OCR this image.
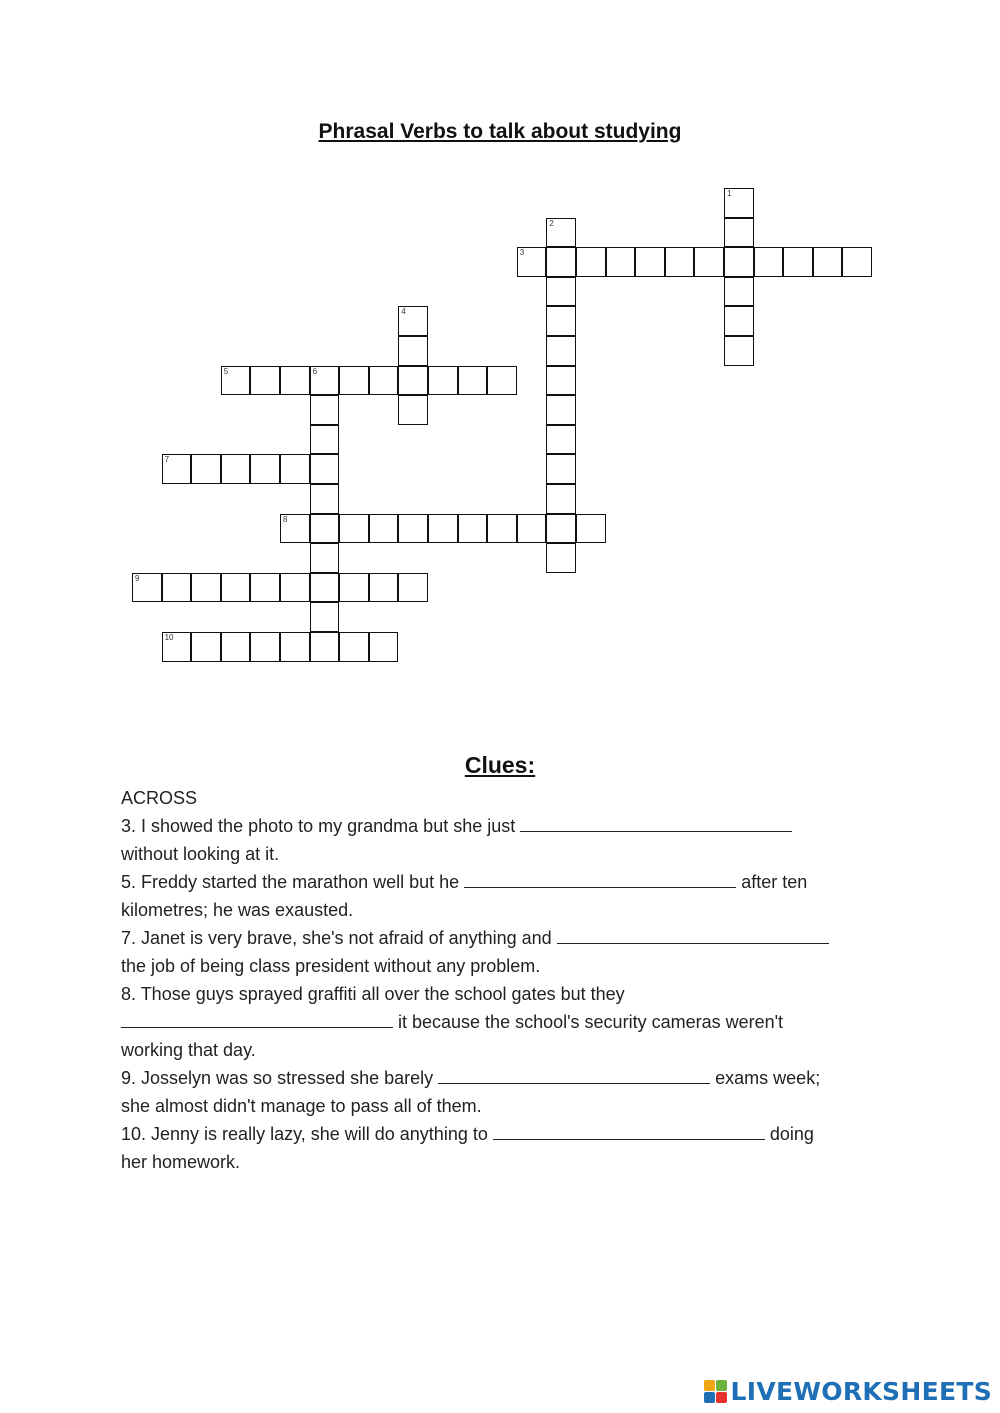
Phrasal Verbs to talk about studying
1
2
3
4
5	6
7
8
9
10
Clues:
ACROSS
3. I showed the photo to my grandma but she just
without looking at it.
5. Freddy started the marathon well but he	after ten
kilometres; he was exausted.
7. Janet is very brave, she's not afraid of anything and
the job of being class president without any problem.
8. Those guys sprayed graffiti all over the school gates but they
it because the school's security cameras weren't
working that day.
9. Josselyn was so stressed she barely	exams week;
she almost didn't manage to pass all of them.
10. Jenny is really lazy, she will do anything to	doing
her homework.
LIVEWORKSHEETS
